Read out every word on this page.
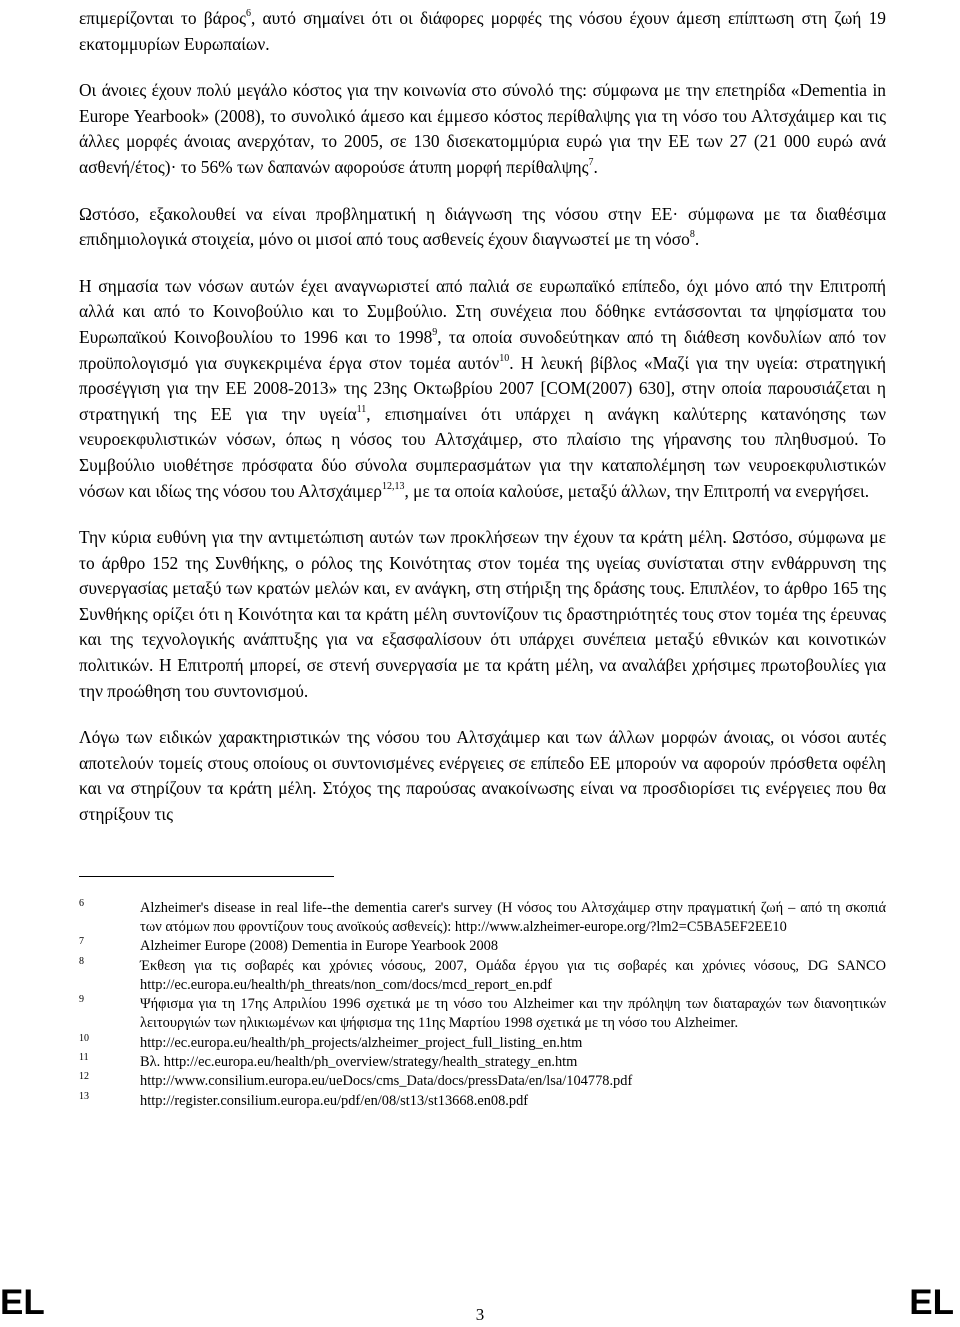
επιμερίζονται το βάρος$^6$, αυτό σημαίνει ότι οι διάφορες μορφές της νόσου έχουν άμεση επίπτωση στη ζωή 19 εκατομμυρίων Ευρωπαίων.

Οι άνοιες έχουν πολύ μεγάλο κόστος για την κοινωνία στο σύνολό της: σύμφωνα με την επετηρίδα «Dementia in Europe Yearbook» (2008), το συνολικό άμεσο και έμμεσο κόστος περίθαλψης για τη νόσο του Αλτσχάιμερ και τις άλλες μορφές άνοιας ανερχόταν, το 2005, σε 130 δισεκατομμύρια ευρώ για την ΕΕ των 27 (21 000 ευρώ ανά ασθενή/έτος)· το 56% των δαπανών αφορούσε άτυπη μορφή περίθαλψης$^7$.

Ωστόσο, εξακολουθεί να είναι προβληματική η διάγνωση της νόσου στην ΕΕ· σύμφωνα με τα διαθέσιμα επιδημιολογικά στοιχεία, μόνο οι μισοί από τους ασθενείς έχουν διαγνωστεί με τη νόσο$^8$.

Η σημασία των νόσων αυτών έχει αναγνωριστεί από παλιά σε ευρωπαϊκό επίπεδο, όχι μόνο από την Επιτροπή αλλά και από το Κοινοβούλιο και το Συμβούλιο. Στη συνέχεια που δόθηκε εντάσσονται τα ψηφίσματα του Ευρωπαϊκού Κοινοβουλίου το 1996 και το 1998$^9$, τα οποία συνοδεύτηκαν από τη διάθεση κονδυλίων από τον προϋπολογισμό για συγκεκριμένα έργα στον τομέα αυτόν$^{10}$. Η λευκή βίβλος «Μαζί για την υγεία: στρατηγική προσέγγιση για την ΕΕ 2008-2013» της 23ης Οκτωβρίου 2007 [COM(2007) 630], στην οποία παρουσιάζεται η στρατηγική της ΕΕ για την υγεία$^{11}$, επισημαίνει ότι υπάρχει η ανάγκη καλύτερης κατανόησης των νευροεκφυλιστικών νόσων, όπως η νόσος του Αλτσχάιμερ, στο πλαίσιο της γήρανσης του πληθυσμού. Το Συμβούλιο υιοθέτησε πρόσφατα δύο σύνολα συμπερασμάτων για την καταπολέμηση των νευροεκφυλιστικών νόσων και ιδίως της νόσου του Αλτσχάιμερ$^{12,13}$, με τα οποία καλούσε, μεταξύ άλλων, την Επιτροπή να ενεργήσει.

Την κύρια ευθύνη για την αντιμετώπιση αυτών των προκλήσεων την έχουν τα κράτη μέλη. Ωστόσο, σύμφωνα με το άρθρο 152 της Συνθήκης, ο ρόλος της Κοινότητας στον τομέα της υγείας συνίσταται στην ενθάρρυνση της συνεργασίας μεταξύ των κρατών μελών και, εν ανάγκη, στη στήριξη της δράσης τους. Επιπλέον, το άρθρο 165 της Συνθήκης ορίζει ότι η Κοινότητα και τα κράτη μέλη συντονίζουν τις δραστηριότητές τους στον τομέα της έρευνας και της τεχνολογικής ανάπτυξης για να εξασφαλίσουν ότι υπάρχει συνέπεια μεταξύ εθνικών και κοινοτικών πολιτικών. Η Επιτροπή μπορεί, σε στενή συνεργασία με τα κράτη μέλη, να αναλάβει χρήσιμες πρωτοβουλίες για την προώθηση του συντονισμού.

Λόγω των ειδικών χαρακτηριστικών της νόσου του Αλτσχάιμερ και των άλλων μορφών άνοιας, οι νόσοι αυτές αποτελούν τομείς στους οποίους οι συντονισμένες ενέργειες σε επίπεδο ΕΕ μπορούν να αφορούν πρόσθετα οφέλη και να στηρίζουν τα κράτη μέλη. Στόχος της παρούσας ανακοίνωσης είναι να προσδιορίσει τις ενέργειες που θα στηρίξουν τις

6	Alzheimer's disease in real life--the dementia carer's survey (Η νόσος του Αλτσχάιμερ στην πραγματική ζωή – από τη σκοπιά των ατόμων που φροντίζουν τους ανοϊκούς ασθενείς): http://www.alzheimer-europe.org/?lm2=C5BA5EF2EE10
7	Alzheimer Europe (2008) Dementia in Europe Yearbook 2008
8	Έκθεση για τις σοβαρές και χρόνιες νόσους, 2007, Ομάδα έργου για τις σοβαρές και χρόνιες νόσους, DG SANCO http://ec.europa.eu/health/ph_threats/non_com/docs/mcd_report_en.pdf
9	Ψήφισμα για τη 17ης Απριλίου 1996 σχετικά με τη νόσο του Alzheimer και την πρόληψη των διαταραχών των διανοητικών λειτουργιών των ηλικιωμένων και ψήφισμα της 11ης Μαρτίου 1998 σχετικά με τη νόσο του Alzheimer.
10	http://ec.europa.eu/health/ph_projects/alzheimer_project_full_listing_en.htm
11	Βλ. http://ec.europa.eu/health/ph_overview/strategy/health_strategy_en.htm
12	http://www.consilium.europa.eu/ueDocs/cms_Data/docs/pressData/en/lsa/104778.pdf
13	http://register.consilium.europa.eu/pdf/en/08/st13/st13668.en08.pdf
EL	3	EL
